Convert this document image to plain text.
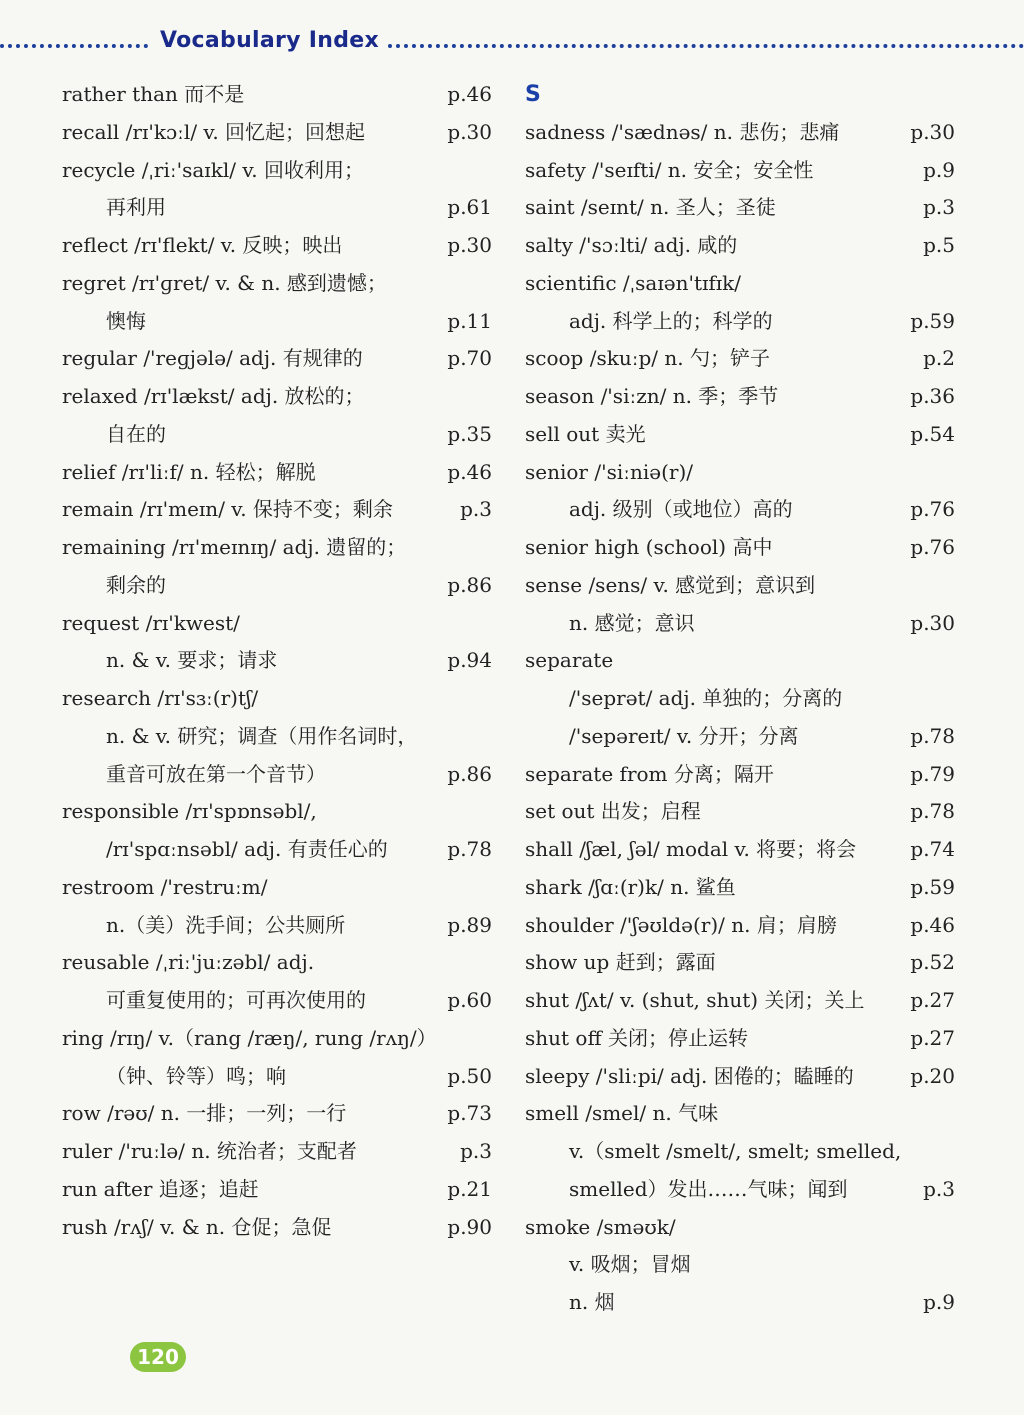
Vocabulary Index
rather than 而不是	p.46
recall /rɪ'kɔːl/ v. 回忆起；回想起	p.30
recycle /ˌriː'saɪkl/ v. 回收利用；
再利用	p.61
reflect /rɪ'flekt/ v. 反映；映出	p.30
regret /rɪ'ɡret/ v. & n. 感到遗憾；
懊悔	p.11
regular /'reɡjələ/ adj. 有规律的	p.70
relaxed /rɪ'lækst/ adj. 放松的；
自在的	p.35
relief /rɪ'liːf/ n. 轻松；解脱	p.46
remain /rɪ'meɪn/ v. 保持不变；剩余	p.3
remaining /rɪ'meɪnɪŋ/ adj. 遗留的；
剩余的	p.86
request /rɪ'kwest/
n. & v. 要求；请求	p.94
research /rɪ'sɜː(r)tʃ/
n. & v. 研究；调查（用作名词时，
重音可放在第一个音节）	p.86
responsible /rɪ'spɒnsəbl/,
/rɪ'spɑːnsəbl/ adj. 有责任心的	p.78
restroom /'restruːm/
n.（美）洗手间；公共厕所	p.89
reusable /ˌriː'juːzəbl/ adj.
可重复使用的；可再次使用的	p.60
ring /rɪŋ/ v.（rang /ræŋ/, rung /rʌŋ/）
（钟、铃等）鸣；响	p.50
row /rəʊ/ n. 一排；一列；一行	p.73
ruler /'ruːlə/ n. 统治者；支配者	p.3
run after 追逐；追赶	p.21
rush /rʌʃ/ v. & n. 仓促；急促	p.90
S
sadness /'sædnəs/ n. 悲伤；悲痛	p.30
safety /'seɪfti/ n. 安全；安全性	p.9
saint /seɪnt/ n. 圣人；圣徒	p.3
salty /'sɔːlti/ adj. 咸的	p.5
scientific /ˌsaɪən'tɪfɪk/
adj. 科学上的；科学的	p.59
scoop /skuːp/ n. 勺；铲子	p.2
season /'siːzn/ n. 季；季节	p.36
sell out 卖光	p.54
senior /'siːniə(r)/
adj. 级别（或地位）高的	p.76
senior high (school) 高中	p.76
sense /sens/ v. 感觉到；意识到
n. 感觉；意识	p.30
separate
/'seprət/ adj. 单独的；分离的
/'sepəreɪt/ v. 分开；分离	p.78
separate from 分离；隔开	p.79
set out 出发；启程	p.78
shall /ʃæl, ʃəl/ modal v. 将要；将会	p.74
shark /ʃɑː(r)k/ n. 鲨鱼	p.59
shoulder /'ʃəʊldə(r)/ n. 肩；肩膀	p.46
show up 赶到；露面	p.52
shut /ʃʌt/ v. (shut, shut) 关闭；关上 p.27
shut off 关闭；停止运转	p.27
sleepy /'sliːpi/ adj. 困倦的；瞌睡的	p.20
smell /smel/ n. 气味
v.（smelt /smelt/, smelt; smelled,
smelled）发出……气味；闻到	p.3
smoke /sməʊk/
v. 吸烟；冒烟
n. 烟	p.9
120
